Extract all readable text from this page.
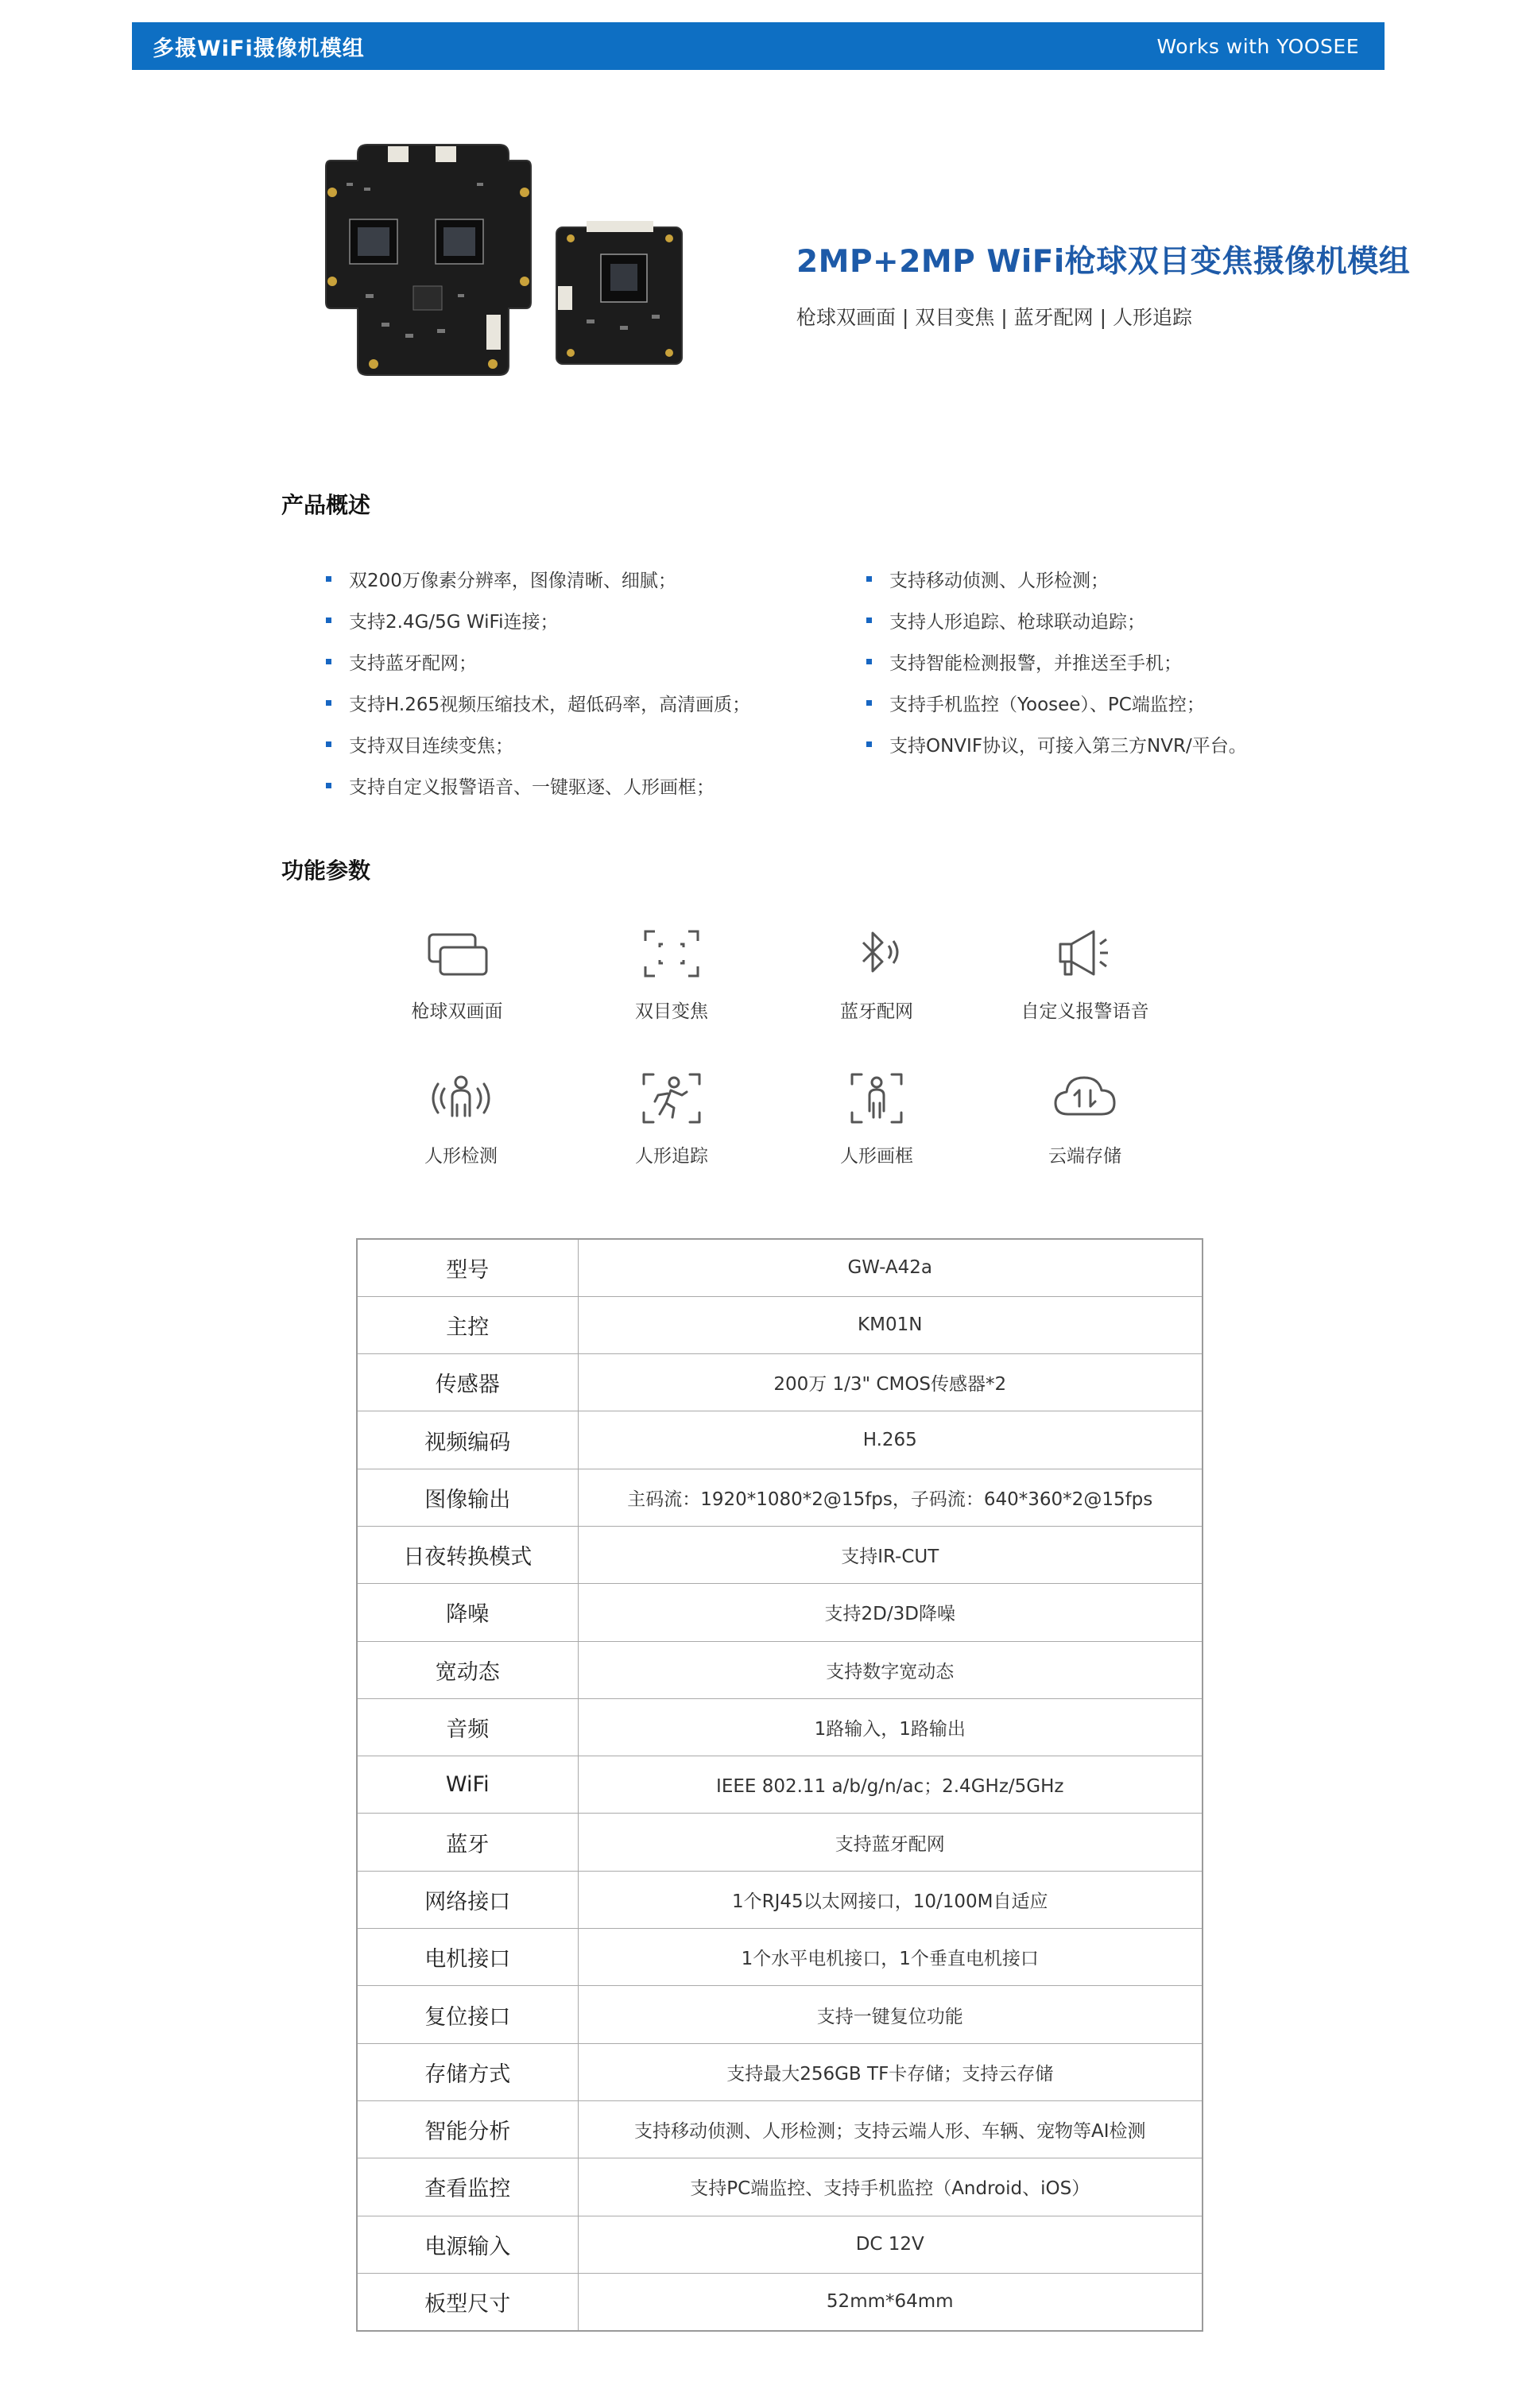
多摄WiFi摄像机模组	Works with YOOSEE
2MP+2MP WiFi枪球双目变焦摄像机模组
枪球双画面 | 双目变焦 | 蓝牙配网 | 人形追踪
产品概述
双200万像素分辨率，图像清晰、细腻；
支持2.4G/5G WiFi连接；
支持蓝牙配网；
支持H.265视频压缩技术，超低码率，高清画质；
支持双目连续变焦；
支持自定义报警语音、一键驱逐、人形画框；
支持移动侦测、人形检测；
支持人形追踪、枪球联动追踪；
支持智能检测报警，并推送至手机；
支持手机监控（Yoosee）、PC端监控；
支持ONVIF协议，可接入第三方NVR/平台。
功能参数
枪球双画面	双目变焦	蓝牙配网	自定义报警语音
人形检测	人形追踪	人形画框	云端存储
型号	GW-A42a
主控	KM01N
传感器	200万 1/3" CMOS传感器*2
视频编码	H.265
图像输出	主码流：1920*1080*2@15fps，子码流：640*360*2@15fps
日夜转换模式	支持IR-CUT
降噪	支持2D/3D降噪
宽动态	支持数字宽动态
音频	1路输入，1路输出
WiFi	IEEE 802.11 a/b/g/n/ac；2.4GHz/5GHz
蓝牙	支持蓝牙配网
网络接口	1个RJ45以太网接口，10/100M自适应
电机接口	1个水平电机接口，1个垂直电机接口
复位接口	支持一键复位功能
存储方式	支持最大256GB TF卡存储；支持云存储
智能分析	支持移动侦测、人形检测；支持云端人形、车辆、宠物等AI检测
查看监控	支持PC端监控、支持手机监控（Android、iOS）
电源输入	DC 12V
板型尺寸	52mm*64mm
